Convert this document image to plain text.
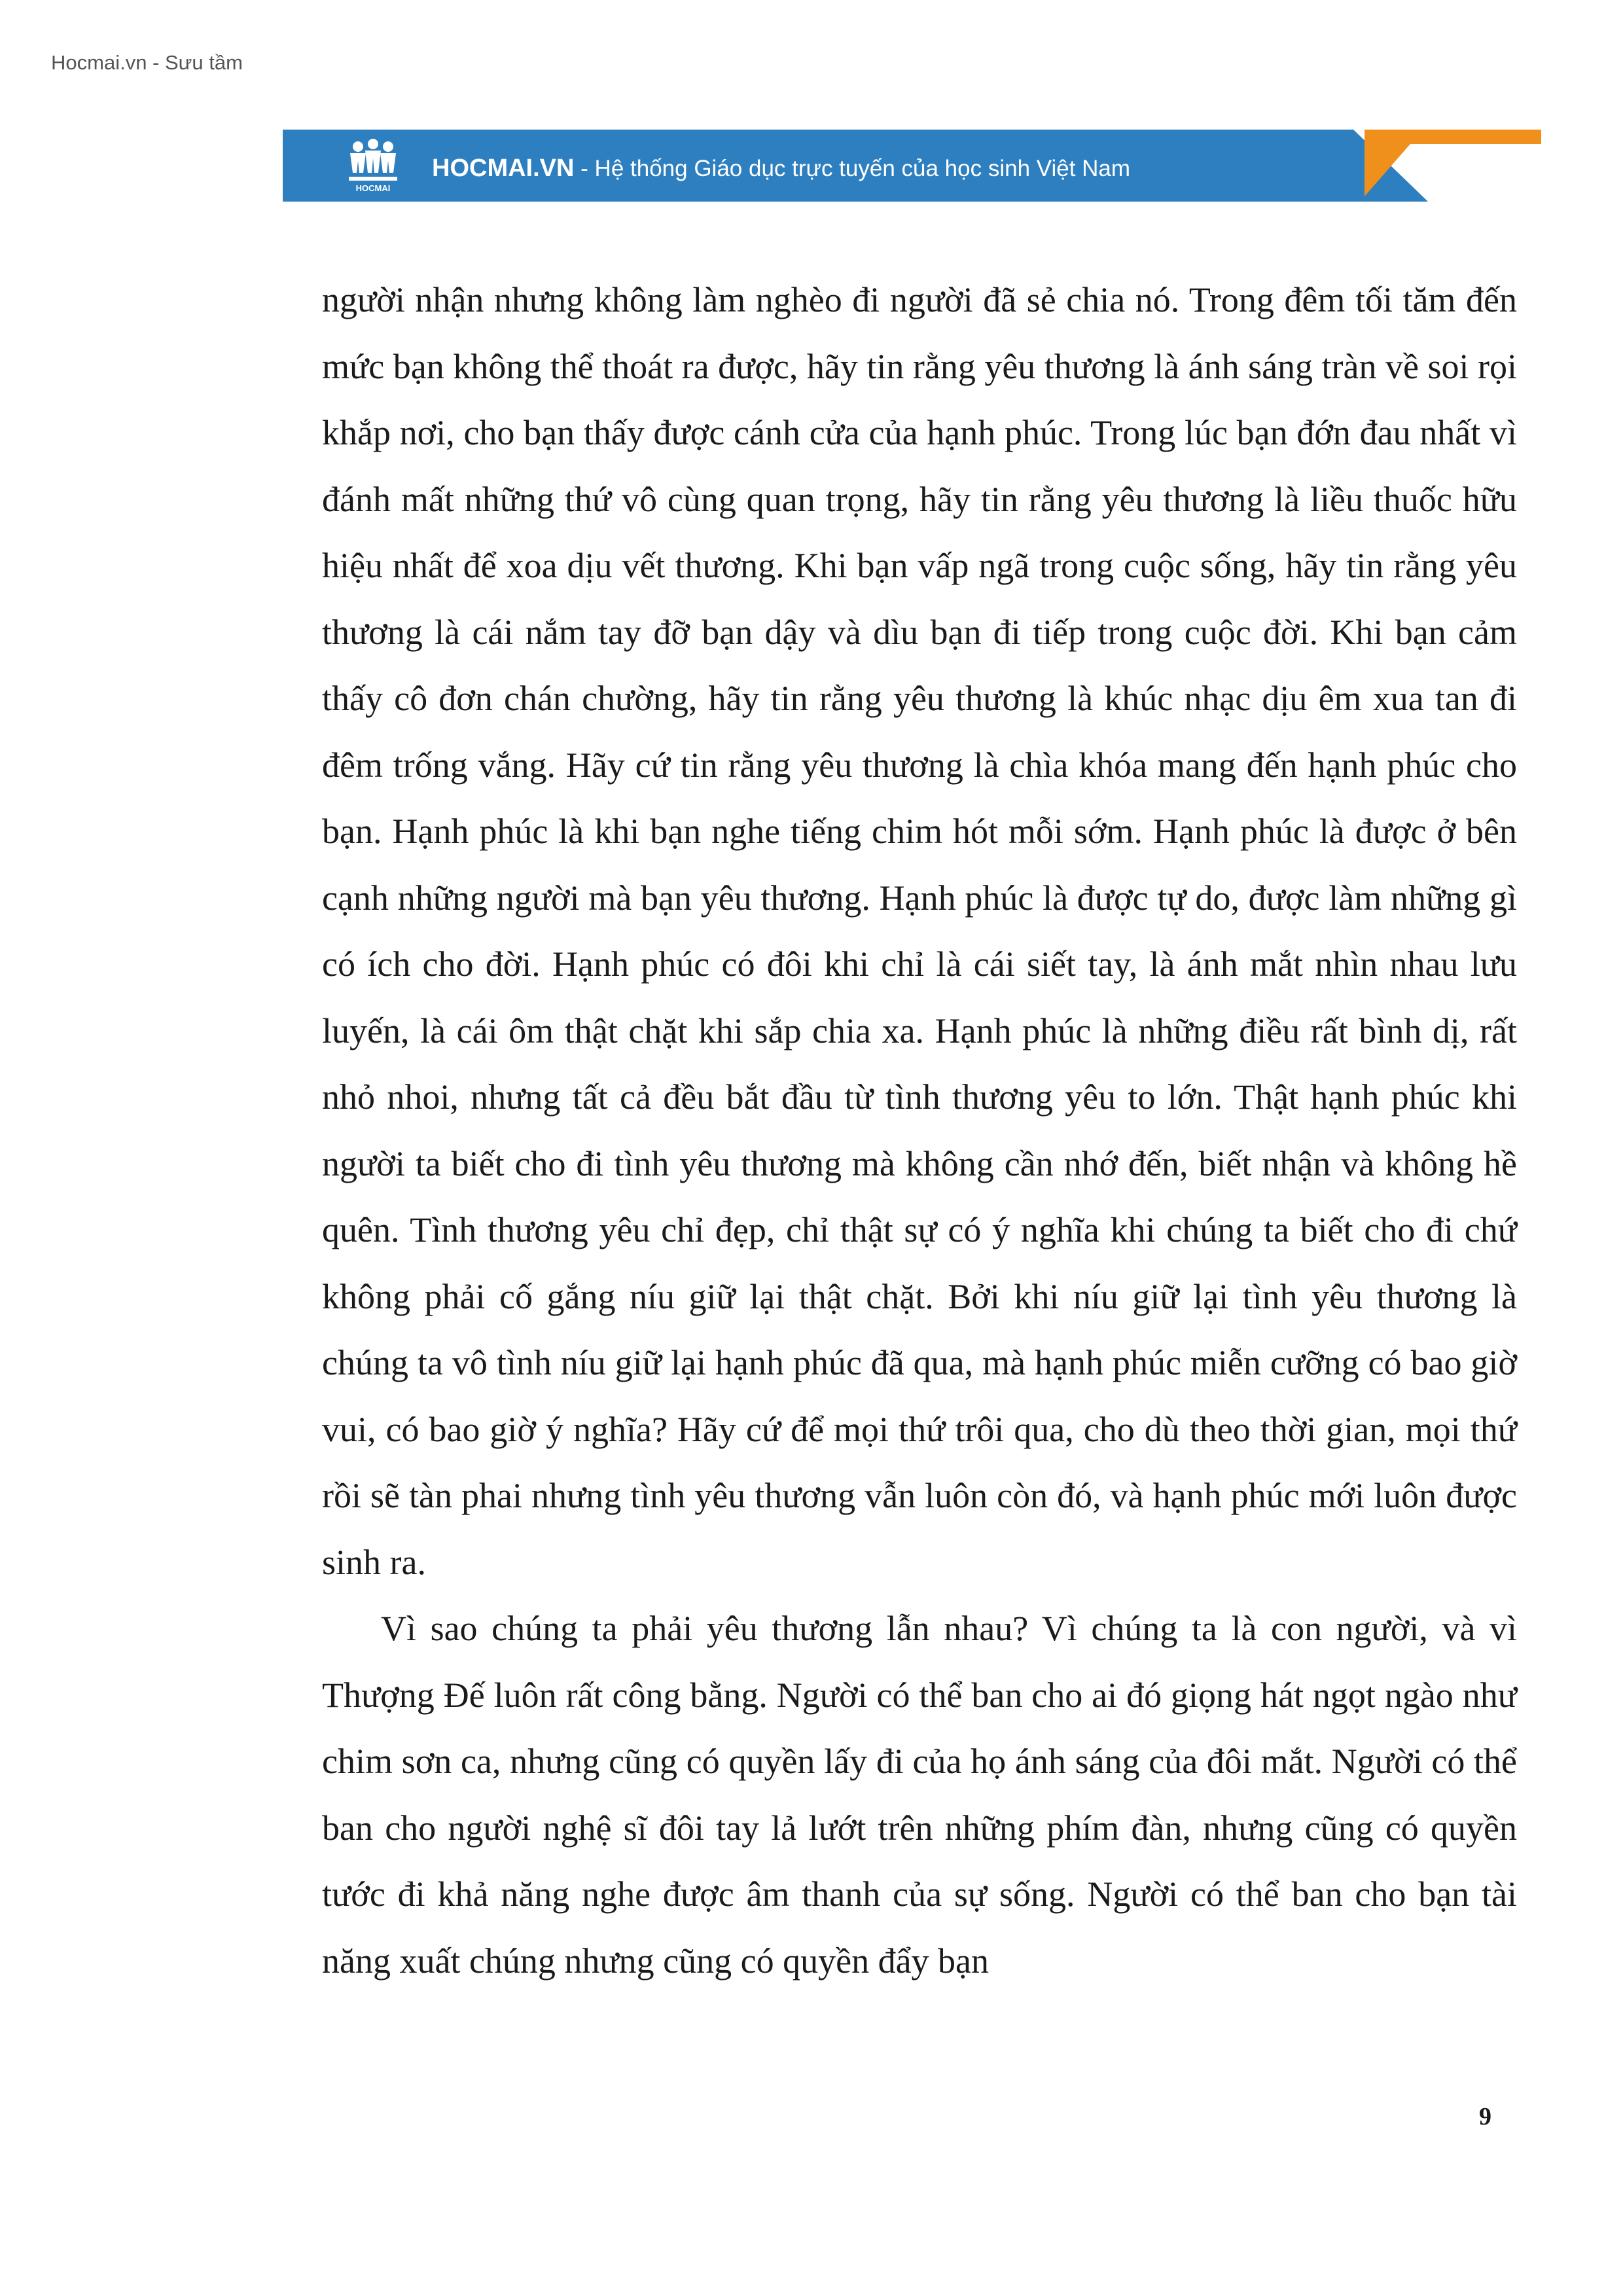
Hocmai.vn - Sưu tầm
HOCMAI
HOCMAI.VN - Hệ thống Giáo dục trực tuyến của học sinh Việt Nam

người nhận nhưng không làm nghèo đi người đã sẻ chia nó. Trong đêm tối tăm đến mức bạn không thể thoát ra được, hãy tin rằng yêu thương là ánh sáng tràn về soi rọi khắp nơi, cho bạn thấy được cánh cửa của hạnh phúc. Trong lúc bạn đớn đau nhất vì đánh mất những thứ vô cùng quan trọng, hãy tin rằng yêu thương là liều thuốc hữu hiệu nhất để xoa dịu vết thương. Khi bạn vấp ngã trong cuộc sống, hãy tin rằng yêu thương là cái nắm tay đỡ bạn dậy và dìu bạn đi tiếp trong cuộc đời. Khi bạn cảm thấy cô đơn chán chường, hãy tin rằng yêu thương là khúc nhạc dịu êm xua tan đi đêm trống vắng. Hãy cứ tin rằng yêu thương là chìa khóa mang đến hạnh phúc cho bạn. Hạnh phúc là khi bạn nghe tiếng chim hót mỗi sớm. Hạnh phúc là được ở bên cạnh những người mà bạn yêu thương. Hạnh phúc là được tự do, được làm những gì có ích cho đời. Hạnh phúc có đôi khi chỉ là cái siết tay, là ánh mắt nhìn nhau lưu luyến, là cái ôm thật chặt khi sắp chia xa. Hạnh phúc là những điều rất bình dị, rất nhỏ nhoi, nhưng tất cả đều bắt đầu từ tình thương yêu to lớn. Thật hạnh phúc khi người ta biết cho đi tình yêu thương mà không cần nhớ đến, biết nhận và không hề quên. Tình thương yêu chỉ đẹp, chỉ thật sự có ý nghĩa khi chúng ta biết cho đi chứ không phải cố gắng níu giữ lại thật chặt. Bởi khi níu giữ lại tình yêu thương là chúng ta vô tình níu giữ lại hạnh phúc đã qua, mà hạnh phúc miễn cưỡng có bao giờ vui, có bao giờ ý nghĩa? Hãy cứ để mọi thứ trôi qua, cho dù theo thời gian, mọi thứ rồi sẽ tàn phai nhưng tình yêu thương vẫn luôn còn đó, và hạnh phúc mới luôn được sinh ra.

Vì sao chúng ta phải yêu thương lẫn nhau? Vì chúng ta là con người, và vì Thượng Đế luôn rất công bằng. Người có thể ban cho ai đó giọng hát ngọt ngào như chim sơn ca, nhưng cũng có quyền lấy đi của họ ánh sáng của đôi mắt. Người có thể ban cho người nghệ sĩ đôi tay lả lướt trên những phím đàn, nhưng cũng có quyền tước đi khả năng nghe được âm thanh của sự sống. Người có thể ban cho bạn tài năng xuất chúng nhưng cũng có quyền đẩy bạn

9
